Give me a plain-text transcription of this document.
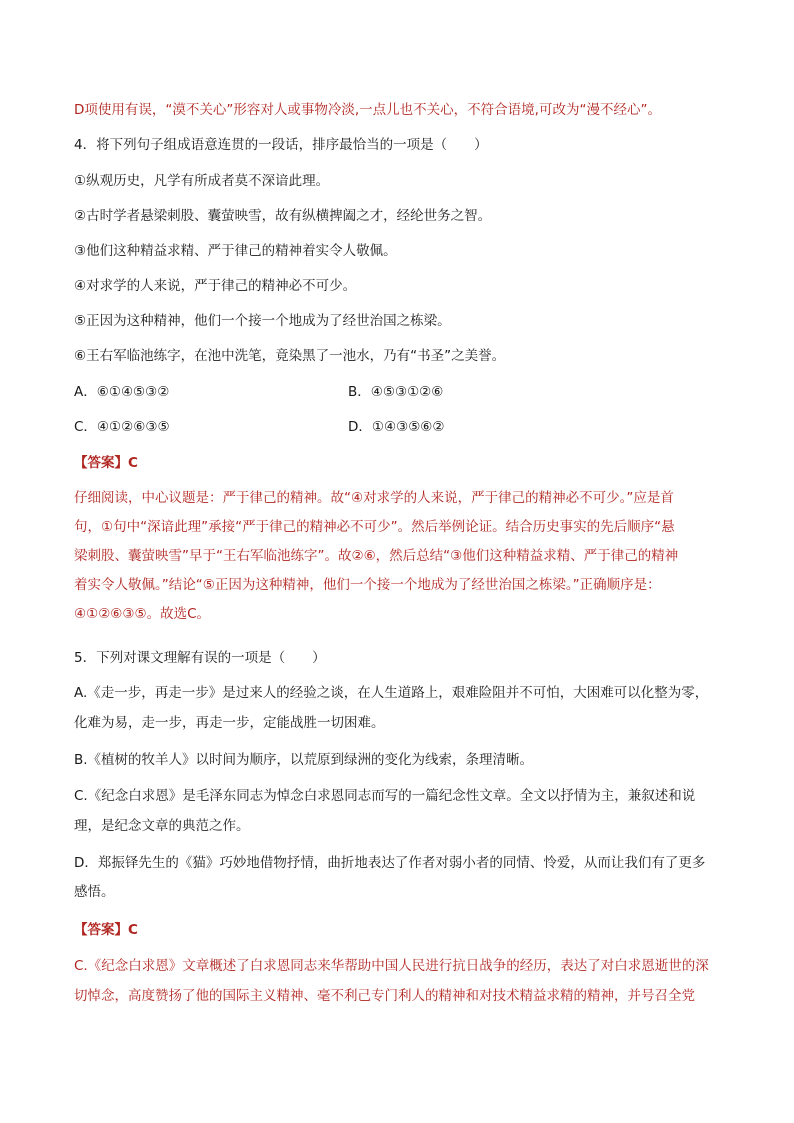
D项使用有误，“漠不关心”形容对人或事物冷淡,一点儿也不关心，不符合语境,可改为“漫不经心”。
4．将下列句子组成语意连贯的一段话，排序最恰当的一项是（　　）
①纵观历史，凡学有所成者莫不深谙此理。
②古时学者悬梁刺股、囊萤映雪，故有纵横捭阖之才，经纶世务之智。
③他们这种精益求精、严于律己的精神着实令人敬佩。
④对求学的人来说，严于律己的精神必不可少。
⑤正因为这种精神，他们一个接一个地成为了经世治国之栋梁。
⑥王右军临池练字，在池中洗笔，竟染黑了一池水，乃有“书圣”之美誉。
A．⑥①④⑤③②	B．④⑤③①②⑥
C．④①②⑥③⑤	D．①④③⑤⑥②
【答案】C
仔细阅读，中心议题是：严于律己的精神。故“④对求学的人来说，严于律己的精神必不可少。”应是首
句，①句中“深谙此理”承接“严于律己的精神必不可少”。然后举例论证。结合历史事实的先后顺序“悬
梁刺股、囊萤映雪”早于“王右军临池练字”。故②⑥，然后总结“③他们这种精益求精、严于律己的精神
着实令人敬佩。”结论“⑤正因为这种精神，他们一个接一个地成为了经世治国之栋梁。”正确顺序是：
④①②⑥③⑤。故选C。
5．下列对课文理解有误的一项是（　　）
A.《走一步，再走一步》是过来人的经验之谈，在人生道路上，艰难险阻并不可怕，大困难可以化整为零，
化难为易，走一步，再走一步，定能战胜一切困难。
B.《植树的牧羊人》以时间为顺序，以荒原到绿洲的变化为线索，条理清晰。
C.《纪念白求恩》是毛泽东同志为悼念白求恩同志而写的一篇纪念性文章。全文以抒情为主，兼叙述和说
理，是纪念文章的典范之作。
D．郑振铎先生的《猫》巧妙地借物抒情，曲折地表达了作者对弱小者的同情、怜爱，从而让我们有了更多
感悟。
【答案】C
C.《纪念白求恩》文章概述了白求恩同志来华帮助中国人民进行抗日战争的经历，表达了对白求恩逝世的深
切悼念，高度赞扬了他的国际主义精神、毫不利己专门利人的精神和对技术精益求精的精神，并号召全党
